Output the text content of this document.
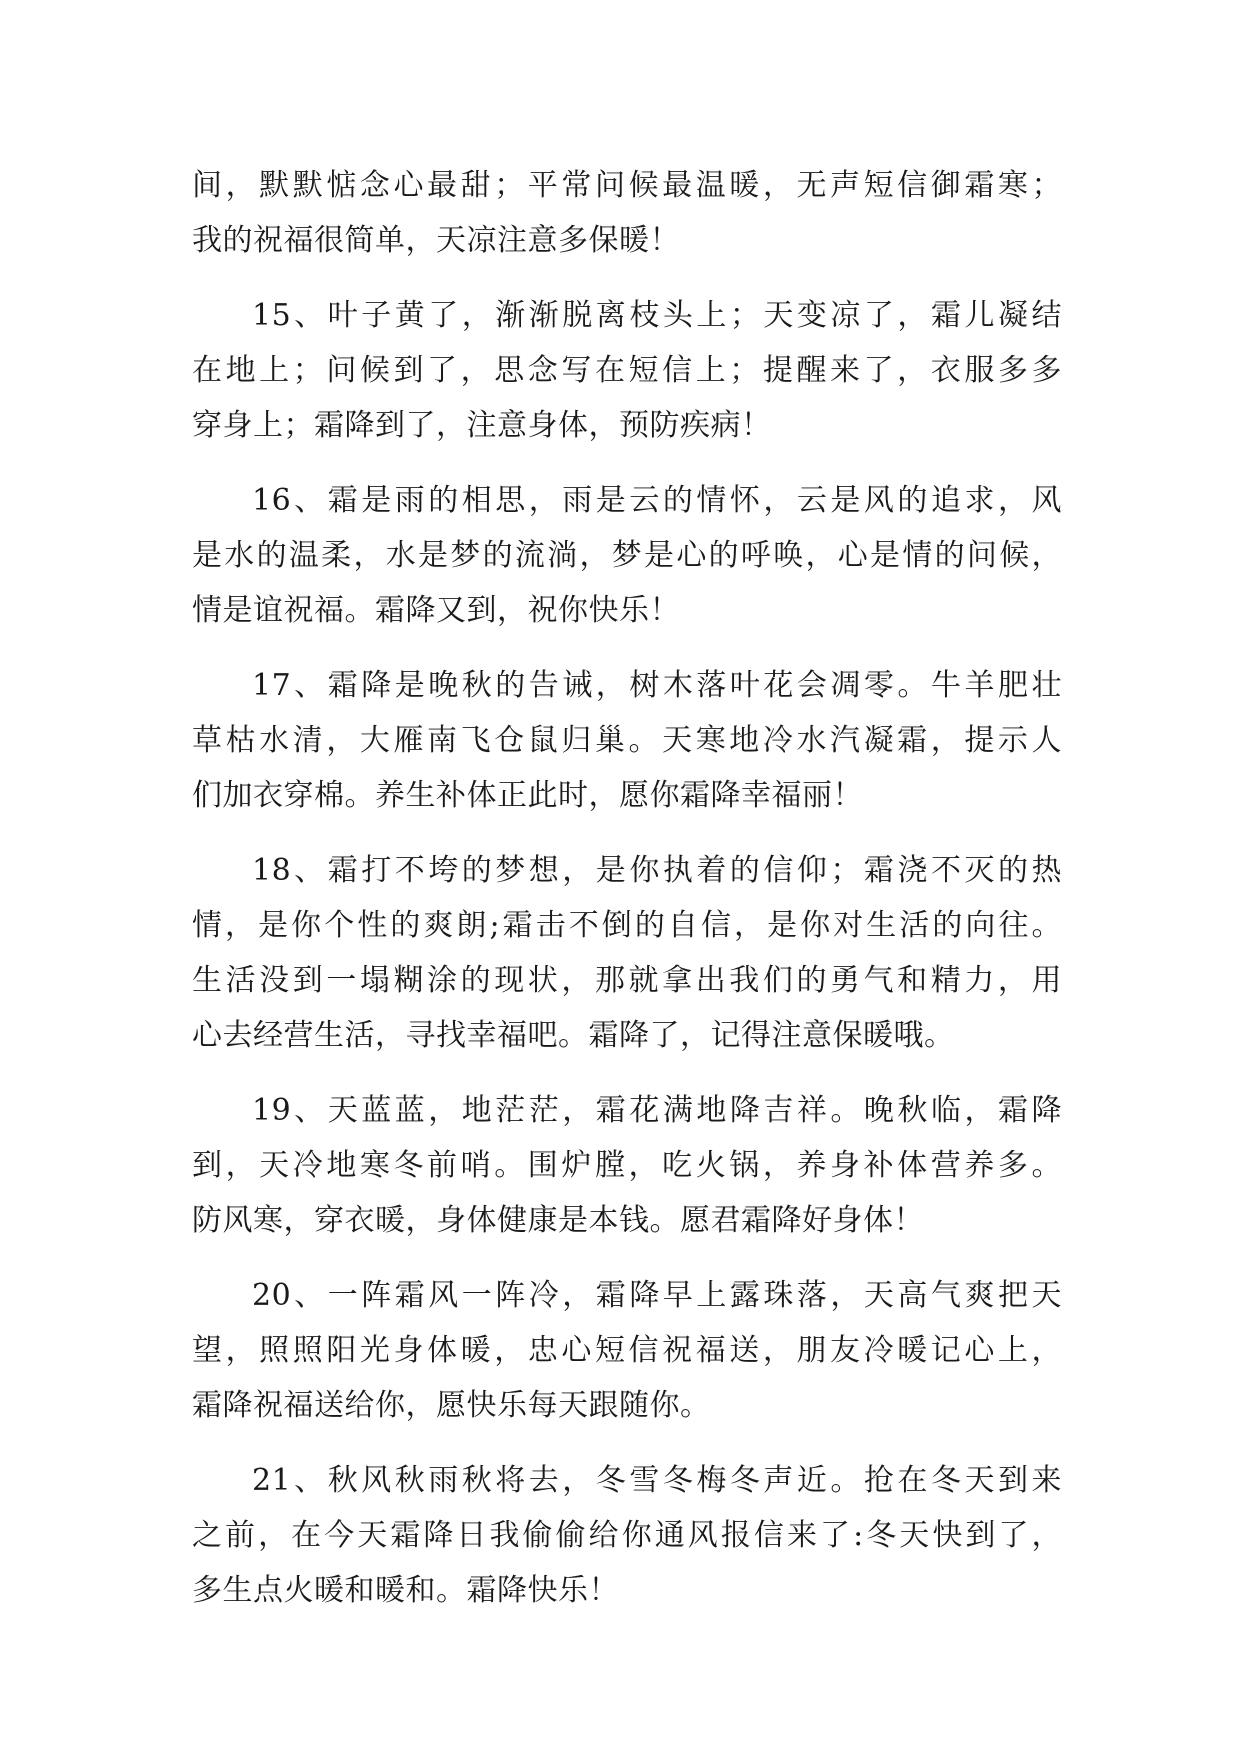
间，默默惦念心最甜；平常问候最温暖，无声短信御霜寒；
我的祝福很简单，天凉注意多保暖！
15、叶子黄了，渐渐脱离枝头上；天变凉了，霜儿凝结
在地上；问候到了，思念写在短信上；提醒来了，衣服多多
穿身上；霜降到了，注意身体，预防疾病！
16、霜是雨的相思，雨是云的情怀，云是风的追求，风
是水的温柔，水是梦的流淌，梦是心的呼唤，心是情的问候，
情是谊祝福。霜降又到，祝你快乐！
17、霜降是晚秋的告诫，树木落叶花会凋零。牛羊肥壮
草枯水清，大雁南飞仓鼠归巢。天寒地冷水汽凝霜，提示人
们加衣穿棉。养生补体正此时，愿你霜降幸福丽！
18、霜打不垮的梦想，是你执着的信仰；霜浇不灭的热
情，是你个性的爽朗;霜击不倒的自信，是你对生活的向往。
生活没到一塌糊涂的现状，那就拿出我们的勇气和精力，用
心去经营生活，寻找幸福吧。霜降了，记得注意保暖哦。
19、天蓝蓝，地茫茫，霜花满地降吉祥。晚秋临，霜降
到，天冷地寒冬前哨。围炉膛，吃火锅，养身补体营养多。
防风寒，穿衣暖，身体健康是本钱。愿君霜降好身体！
20、一阵霜风一阵冷，霜降早上露珠落，天高气爽把天
望，照照阳光身体暖，忠心短信祝福送，朋友冷暖记心上，
霜降祝福送给你，愿快乐每天跟随你。
21、秋风秋雨秋将去，冬雪冬梅冬声近。抢在冬天到来
之前，在今天霜降日我偷偷给你通风报信来了:冬天快到了，
多生点火暖和暖和。霜降快乐！
